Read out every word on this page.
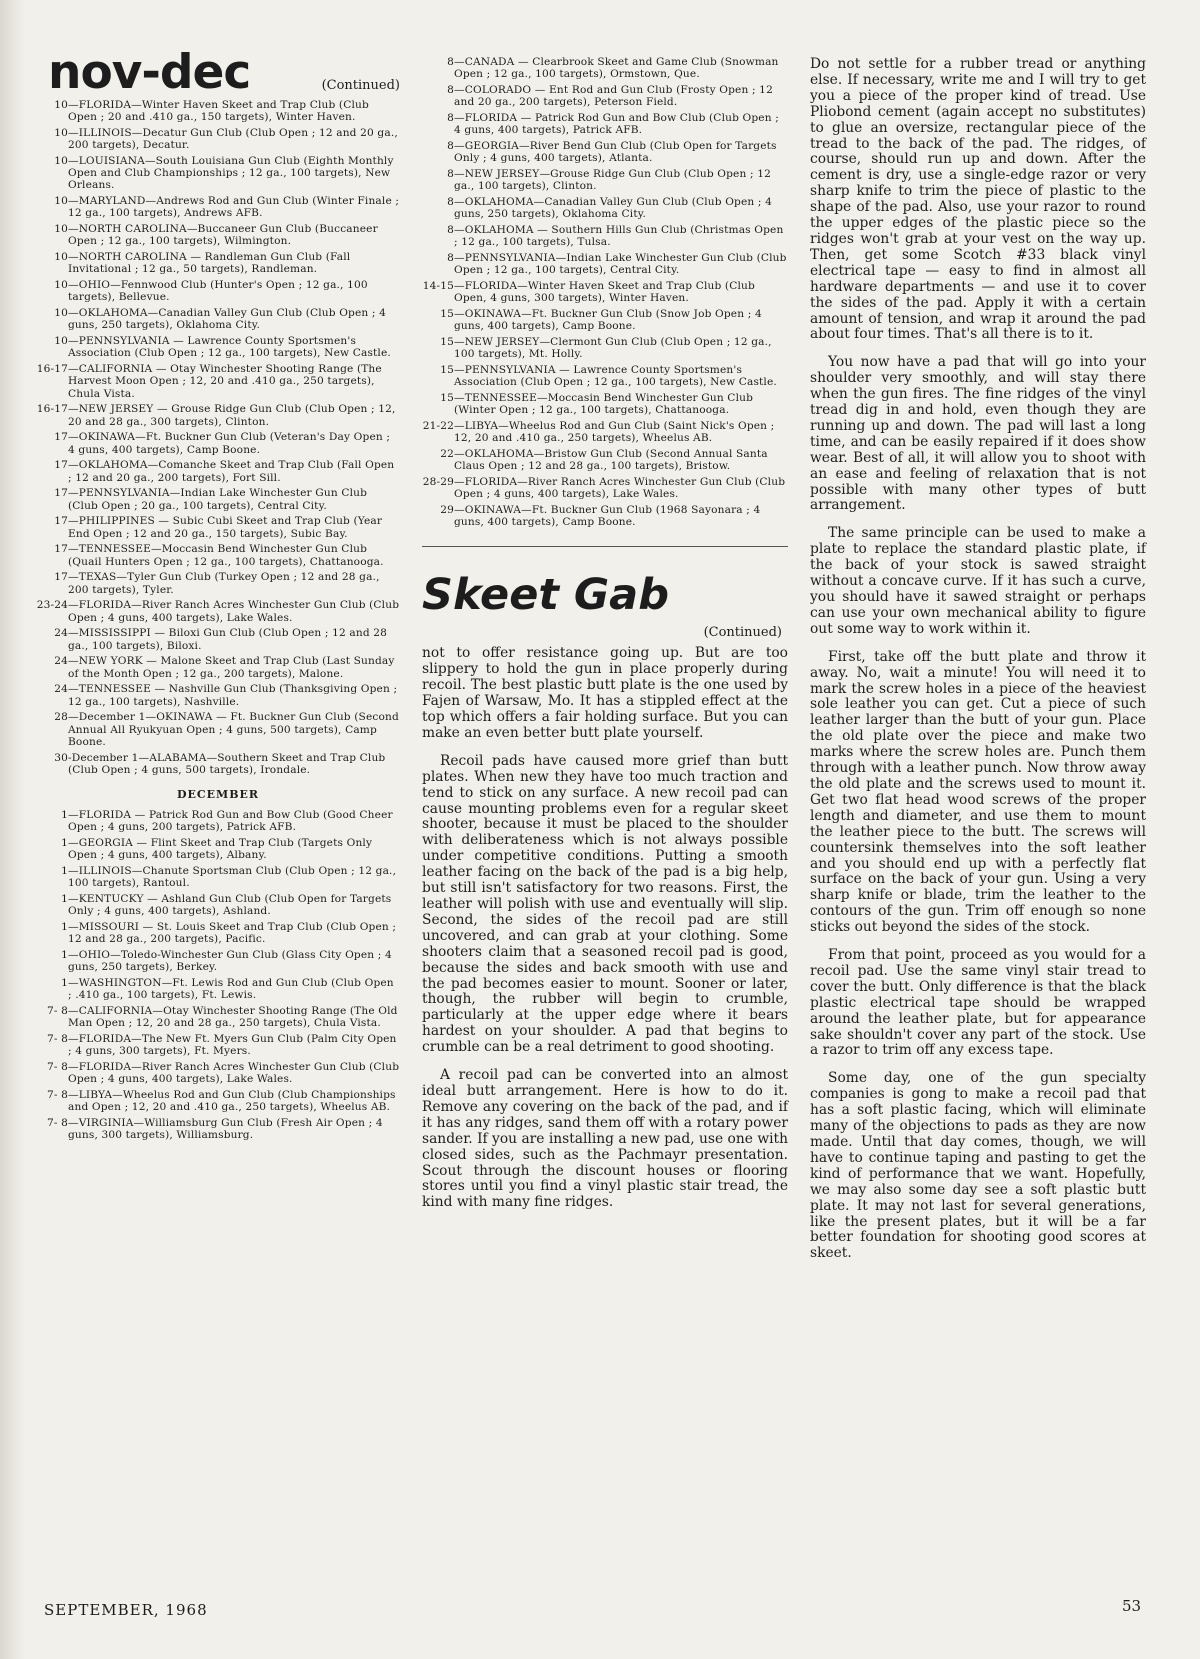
nov-dec	(Continued)
10—FLORIDA—Winter Haven Skeet and Trap Club (Club Open ; 20 and .410 ga., 150 targets), Winter Haven.
10—ILLINOIS—Decatur Gun Club (Club Open ; 12 and 20 ga., 200 targets), Decatur.
10—LOUISIANA—South Louisiana Gun Club (Eighth Monthly Open and Club Championships ; 12 ga., 100 targets), New Orleans.
10—MARYLAND—Andrews Rod and Gun Club (Winter Finale ; 12 ga., 100 targets), Andrews AFB.
10—NORTH CAROLINA—Buccaneer Gun Club (Buccaneer Open ; 12 ga., 100 targets), Wilmington.
10—NORTH CAROLINA — Randleman Gun Club (Fall Invitational ; 12 ga., 50 targets), Randleman.
10—OHIO—Fennwood Club (Hunter's Open ; 12 ga., 100 targets), Bellevue.
10—OKLAHOMA—Canadian Valley Gun Club (Club Open ; 4 guns, 250 targets), Oklahoma City.
10—PENNSYLVANIA — Lawrence County Sportsmen's Association (Club Open ; 12 ga., 100 targets), New Castle.
16-17—CALIFORNIA — Otay Winchester Shooting Range (The Harvest Moon Open ; 12, 20 and .410 ga., 250 targets), Chula Vista.
16-17—NEW JERSEY — Grouse Ridge Gun Club (Club Open ; 12, 20 and 28 ga., 300 targets), Clinton.
17—OKINAWA—Ft. Buckner Gun Club (Veteran's Day Open ; 4 guns, 400 targets), Camp Boone.
17—OKLAHOMA—Comanche Skeet and Trap Club (Fall Open ; 12 and 20 ga., 200 targets), Fort Sill.
17—PENNSYLVANIA—Indian Lake Winchester Gun Club (Club Open ; 20 ga., 100 targets), Central City.
17—PHILIPPINES — Subic Cubi Skeet and Trap Club (Year End Open ; 12 and 20 ga., 150 targets), Subic Bay.
17—TENNESSEE—Moccasin Bend Winchester Gun Club (Quail Hunters Open ; 12 ga., 100 targets), Chattanooga.
17—TEXAS—Tyler Gun Club (Turkey Open ; 12 and 28 ga., 200 targets), Tyler.
23-24—FLORIDA—River Ranch Acres Winchester Gun Club (Club Open ; 4 guns, 400 targets), Lake Wales.
24—MISSISSIPPI — Biloxi Gun Club (Club Open ; 12 and 28 ga., 100 targets), Biloxi.
24—NEW YORK — Malone Skeet and Trap Club (Last Sunday of the Month Open ; 12 ga., 200 targets), Malone.
24—TENNESSEE — Nashville Gun Club (Thanksgiving Open ; 12 ga., 100 targets), Nashville.
28—December 1—OKINAWA — Ft. Buckner Gun Club (Second Annual All Ryukyuan Open ; 4 guns, 500 targets), Camp Boone.
30-December 1—ALABAMA—Southern Skeet and Trap Club (Club Open ; 4 guns, 500 targets), Irondale.
DECEMBER
1—FLORIDA — Patrick Rod Gun and Bow Club (Good Cheer Open ; 4 guns, 200 targets), Patrick AFB.
1—GEORGIA — Flint Skeet and Trap Club (Targets Only Open ; 4 guns, 400 targets), Albany.
1—ILLINOIS—Chanute Sportsman Club (Club Open ; 12 ga., 100 targets), Rantoul.
1—KENTUCKY — Ashland Gun Club (Club Open for Targets Only ; 4 guns, 400 targets), Ashland.
1—MISSOURI — St. Louis Skeet and Trap Club (Club Open ; 12 and 28 ga., 200 targets), Pacific.
1—OHIO—Toledo-Winchester Gun Club (Glass City Open ; 4 guns, 250 targets), Berkey.
1—WASHINGTON—Ft. Lewis Rod and Gun Club (Club Open ; .410 ga., 100 targets), Ft. Lewis.
7- 8—CALIFORNIA—Otay Winchester Shooting Range (The Old Man Open ; 12, 20 and 28 ga., 250 targets), Chula Vista.
7- 8—FLORIDA—The New Ft. Myers Gun Club (Palm City Open ; 4 guns, 300 targets), Ft. Myers.
7- 8—FLORIDA—River Ranch Acres Winchester Gun Club (Club Open ; 4 guns, 400 targets), Lake Wales.
7- 8—LIBYA—Wheelus Rod and Gun Club (Club Championships and Open ; 12, 20 and .410 ga., 250 targets), Wheelus AB.
7- 8—VIRGINIA—Williamsburg Gun Club (Fresh Air Open ; 4 guns, 300 targets), Williamsburg.
8—CANADA — Clearbrook Skeet and Game Club (Snowman Open ; 12 ga., 100 targets), Ormstown, Que.
8—COLORADO — Ent Rod and Gun Club (Frosty Open ; 12 and 20 ga., 200 targets), Peterson Field.
8—FLORIDA — Patrick Rod Gun and Bow Club (Club Open ; 4 guns, 400 targets), Patrick AFB.
8—GEORGIA—River Bend Gun Club (Club Open for Targets Only ; 4 guns, 400 targets), Atlanta.
8—NEW JERSEY—Grouse Ridge Gun Club (Club Open ; 12 ga., 100 targets), Clinton.
8—OKLAHOMA—Canadian Valley Gun Club (Club Open ; 4 guns, 250 targets), Oklahoma City.
8—OKLAHOMA — Southern Hills Gun Club (Christmas Open ; 12 ga., 100 targets), Tulsa.
8—PENNSYLVANIA—Indian Lake Winchester Gun Club (Club Open ; 12 ga., 100 targets), Central City.
14-15—FLORIDA—Winter Haven Skeet and Trap Club (Club Open, 4 guns, 300 targets), Winter Haven.
15—OKINAWA—Ft. Buckner Gun Club (Snow Job Open ; 4 guns, 400 targets), Camp Boone.
15—NEW JERSEY—Clermont Gun Club (Club Open ; 12 ga., 100 targets), Mt. Holly.
15—PENNSYLVANIA — Lawrence County Sportsmen's Association (Club Open ; 12 ga., 100 targets), New Castle.
15—TENNESSEE—Moccasin Bend Winchester Gun Club (Winter Open ; 12 ga., 100 targets), Chattanooga.
21-22—LIBYA—Wheelus Rod and Gun Club (Saint Nick's Open ; 12, 20 and .410 ga., 250 targets), Wheelus AB.
22—OKLAHOMA—Bristow Gun Club (Second Annual Santa Claus Open ; 12 and 28 ga., 100 targets), Bristow.
28-29—FLORIDA—River Ranch Acres Winchester Gun Club (Club Open ; 4 guns, 400 targets), Lake Wales.
29—OKINAWA—Ft. Buckner Gun Club (1968 Sayonara ; 4 guns, 400 targets), Camp Boone.
Skeet Gab
(Continued)

not to offer resistance going up. But are too slippery to hold the gun in place properly during recoil. The best plastic butt plate is the one used by Fajen of Warsaw, Mo. It has a stippled effect at the top which offers a fair holding surface. But you can make an even better butt plate yourself.

Recoil pads have caused more grief than butt plates. When new they have too much traction and tend to stick on any surface. A new recoil pad can cause mounting problems even for a regular skeet shooter, because it must be placed to the shoulder with deliberateness which is not always possible under competitive conditions. Putting a smooth leather facing on the back of the pad is a big help, but still isn't satisfactory for two reasons. First, the leather will polish with use and eventually will slip. Second, the sides of the recoil pad are still uncovered, and can grab at your clothing. Some shooters claim that a seasoned recoil pad is good, because the sides and back smooth with use and the pad becomes easier to mount. Sooner or later, though, the rubber will begin to crumble, particularly at the upper edge where it bears hardest on your shoulder. A pad that begins to crumble can be a real detriment to good shooting.

A recoil pad can be converted into an almost ideal butt arrangement. Here is how to do it. Remove any covering on the back of the pad, and if it has any ridges, sand them off with a rotary power sander. If you are installing a new pad, use one with closed sides, such as the Pachmayr presentation. Scout through the discount houses or flooring stores until you find a vinyl plastic stair tread, the kind with many fine ridges.

Do not settle for a rubber tread or anything else. If necessary, write me and I will try to get you a piece of the proper kind of tread. Use Pliobond cement (again accept no substitutes) to glue an oversize, rectangular piece of the tread to the back of the pad. The ridges, of course, should run up and down. After the cement is dry, use a single-edge razor or very sharp knife to trim the piece of plastic to the shape of the pad. Also, use your razor to round the upper edges of the plastic piece so the ridges won't grab at your vest on the way up. Then, get some Scotch #33 black vinyl electrical tape — easy to find in almost all hardware departments — and use it to cover the sides of the pad. Apply it with a certain amount of tension, and wrap it around the pad about four times. That's all there is to it.

You now have a pad that will go into your shoulder very smoothly, and will stay there when the gun fires. The fine ridges of the vinyl tread dig in and hold, even though they are running up and down. The pad will last a long time, and can be easily repaired if it does show wear. Best of all, it will allow you to shoot with an ease and feeling of relaxation that is not possible with many other types of butt arrangement.

The same principle can be used to make a plate to replace the standard plastic plate, if the back of your stock is sawed straight without a concave curve. If it has such a curve, you should have it sawed straight or perhaps can use your own mechanical ability to figure out some way to work within it.

First, take off the butt plate and throw it away. No, wait a minute! You will need it to mark the screw holes in a piece of the heaviest sole leather you can get. Cut a piece of such leather larger than the butt of your gun. Place the old plate over the piece and make two marks where the screw holes are. Punch them through with a leather punch. Now throw away the old plate and the screws used to mount it. Get two flat head wood screws of the proper length and diameter, and use them to mount the leather piece to the butt. The screws will countersink themselves into the soft leather and you should end up with a perfectly flat surface on the back of your gun. Using a very sharp knife or blade, trim the leather to the contours of the gun. Trim off enough so none sticks out beyond the sides of the stock.

From that point, proceed as you would for a recoil pad. Use the same vinyl stair tread to cover the butt. Only difference is that the black plastic electrical tape should be wrapped around the leather plate, but for appearance sake shouldn't cover any part of the stock. Use a razor to trim off any excess tape.

Some day, one of the gun specialty companies is gong to make a recoil pad that has a soft plastic facing, which will eliminate many of the objections to pads as they are now made. Until that day comes, though, we will have to continue taping and pasting to get the kind of performance that we want. Hopefully, we may also some day see a soft plastic butt plate. It may not last for several generations, like the present plates, but it will be a far better foundation for shooting good scores at skeet.

SEPTEMBER, 1968	53
